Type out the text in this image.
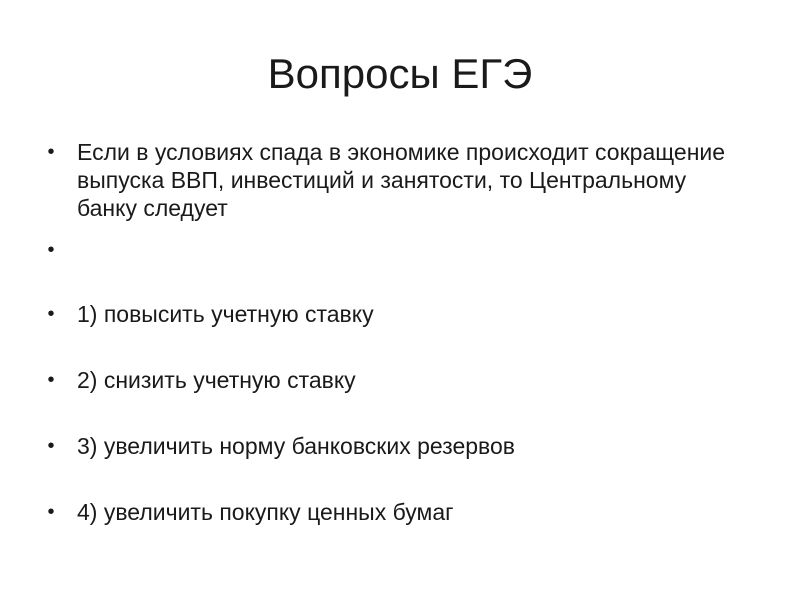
Вопросы ЕГЭ
• Если в условиях спада в экономике происходит сокращение выпуска ВВП, инвестиций и занятости, то Центральному банку следует
•
• 1) повысить учетную ставку
• 2) снизить учетную ставку
• 3) увеличить норму банковских резервов
• 4) увеличить покупку ценных бумаг
